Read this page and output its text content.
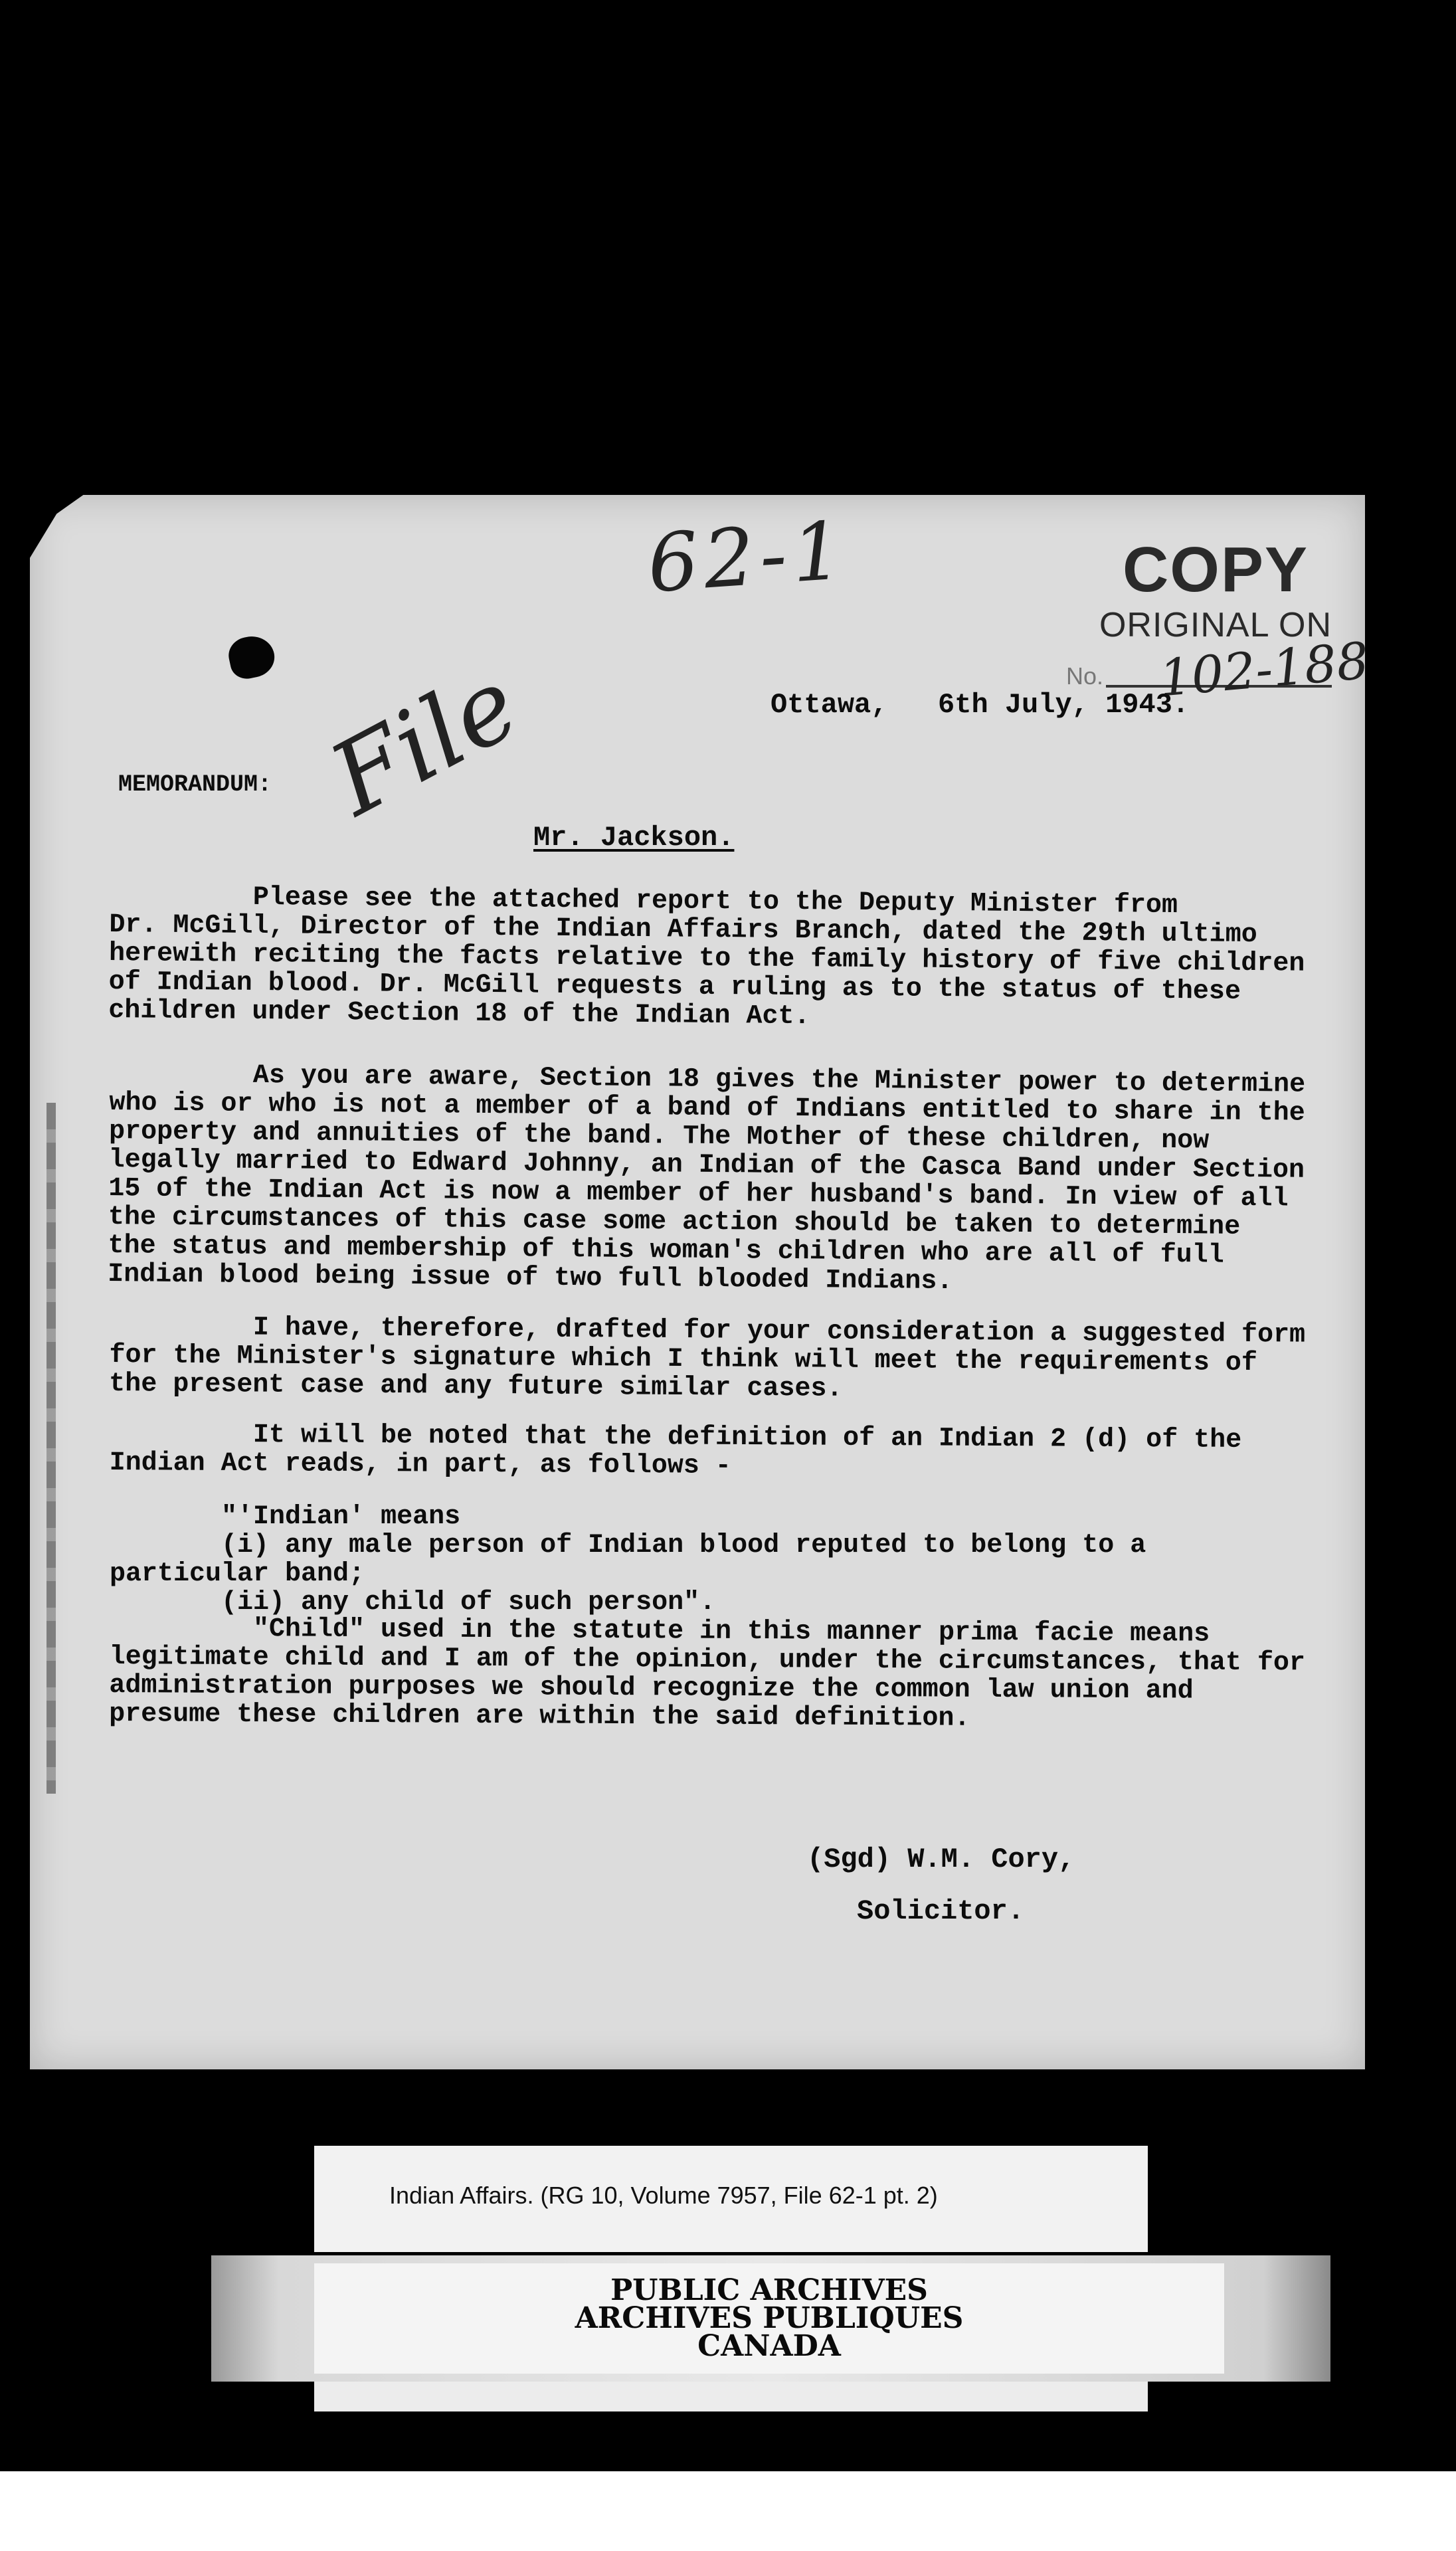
62-1
File
COPY
ORIGINAL ON
No. 102-188
Ottawa,   6th July, 1943.
MEMORANDUM:
Mr. Jackson.
Please see the attached report to the Deputy Minister from
Dr. McGill, Director of the Indian Affairs Branch, dated the 29th ultimo
herewith reciting the facts relative to the family history of five children
of Indian blood. Dr. McGill requests a ruling as to the status of these
children under Section 18 of the Indian Act.
As you are aware, Section 18 gives the Minister power to determine
who is or who is not a member of a band of Indians entitled to share in the
property and annuities of the band. The Mother of these children, now
legally married to Edward Johnny, an Indian of the Casca Band under Section
15 of the Indian Act is now a member of her husband's band. In view of all
the circumstances of this case some action should be taken to determine
the status and membership of this woman's children who are all of full
Indian blood being issue of two full blooded Indians.
I have, therefore, drafted for your consideration a suggested form
for the Minister's signature which I think will meet the requirements of
the present case and any future similar cases.
It will be noted that the definition of an Indian 2 (d) of the
Indian Act reads, in part, as follows -
"'Indian' means
(i) any male person of Indian blood reputed to belong to a
particular band;
(ii) any child of such person".
"Child" used in the statute in this manner prima facie means
legitimate child and I am of the opinion, under the circumstances, that for
administration purposes we should recognize the common law union and
presume these children are within the said definition.
(Sgd) W.M. Cory,
Solicitor.
Indian Affairs. (RG 10, Volume 7957, File 62-1 pt. 2)
PUBLIC ARCHIVES
ARCHIVES PUBLIQUES
CANADA
